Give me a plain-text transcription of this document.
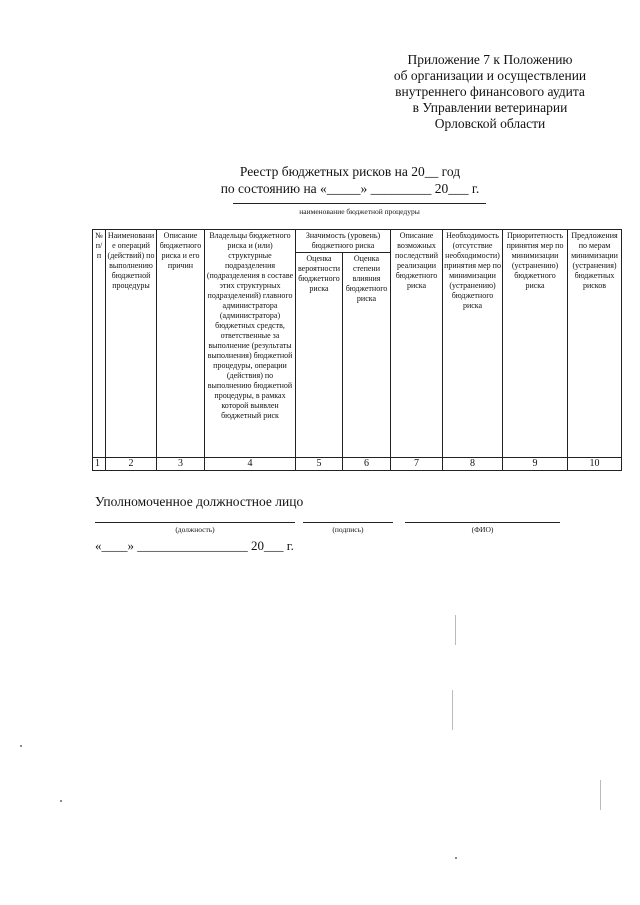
Приложение 7 к Положению
об организации и осуществлении
внутреннего финансового аудита
в Управлении ветеринарии
Орловской области
Реестр бюджетных рисков на 20__ год
по состоянию на «_____» _________ 20___ г.
наименование бюджетной процедуры
№ п/п	Наименование операций (действий) по выполнению бюджетной процедуры	Описание бюджетного риска и его причин	Владельцы бюджетного риска и (или) структурные подразделения (подразделения в составе этих структурных подразделений) главного администратора (администратора) бюджетных средств, ответственные за выполнение (результаты выполнения) бюджетной процедуры, операции (действия) по выполнению бюджетной процедуры, в рамках которой выявлен бюджетный риск	Значимость (уровень) бюджетного риска		Описание возможных последствий реализации бюджетного риска	Необходимость (отсутствие необходимости) принятия мер по минимизации (устранению) бюджетного риска	Приоритетность принятия мер по минимизации (устранению) бюджетного риска	Предложения по мерам минимизации (устранения) бюджетных рисков
				Оценка вероятности бюджетного риска	Оценка степени влияния бюджетного риска				
1	2	3	4	5	6	7	8	9	10
Уполномоченное должностное лицо
(должность)	(подпись)	(ФИО)
«____» _________________ 20___ г.
